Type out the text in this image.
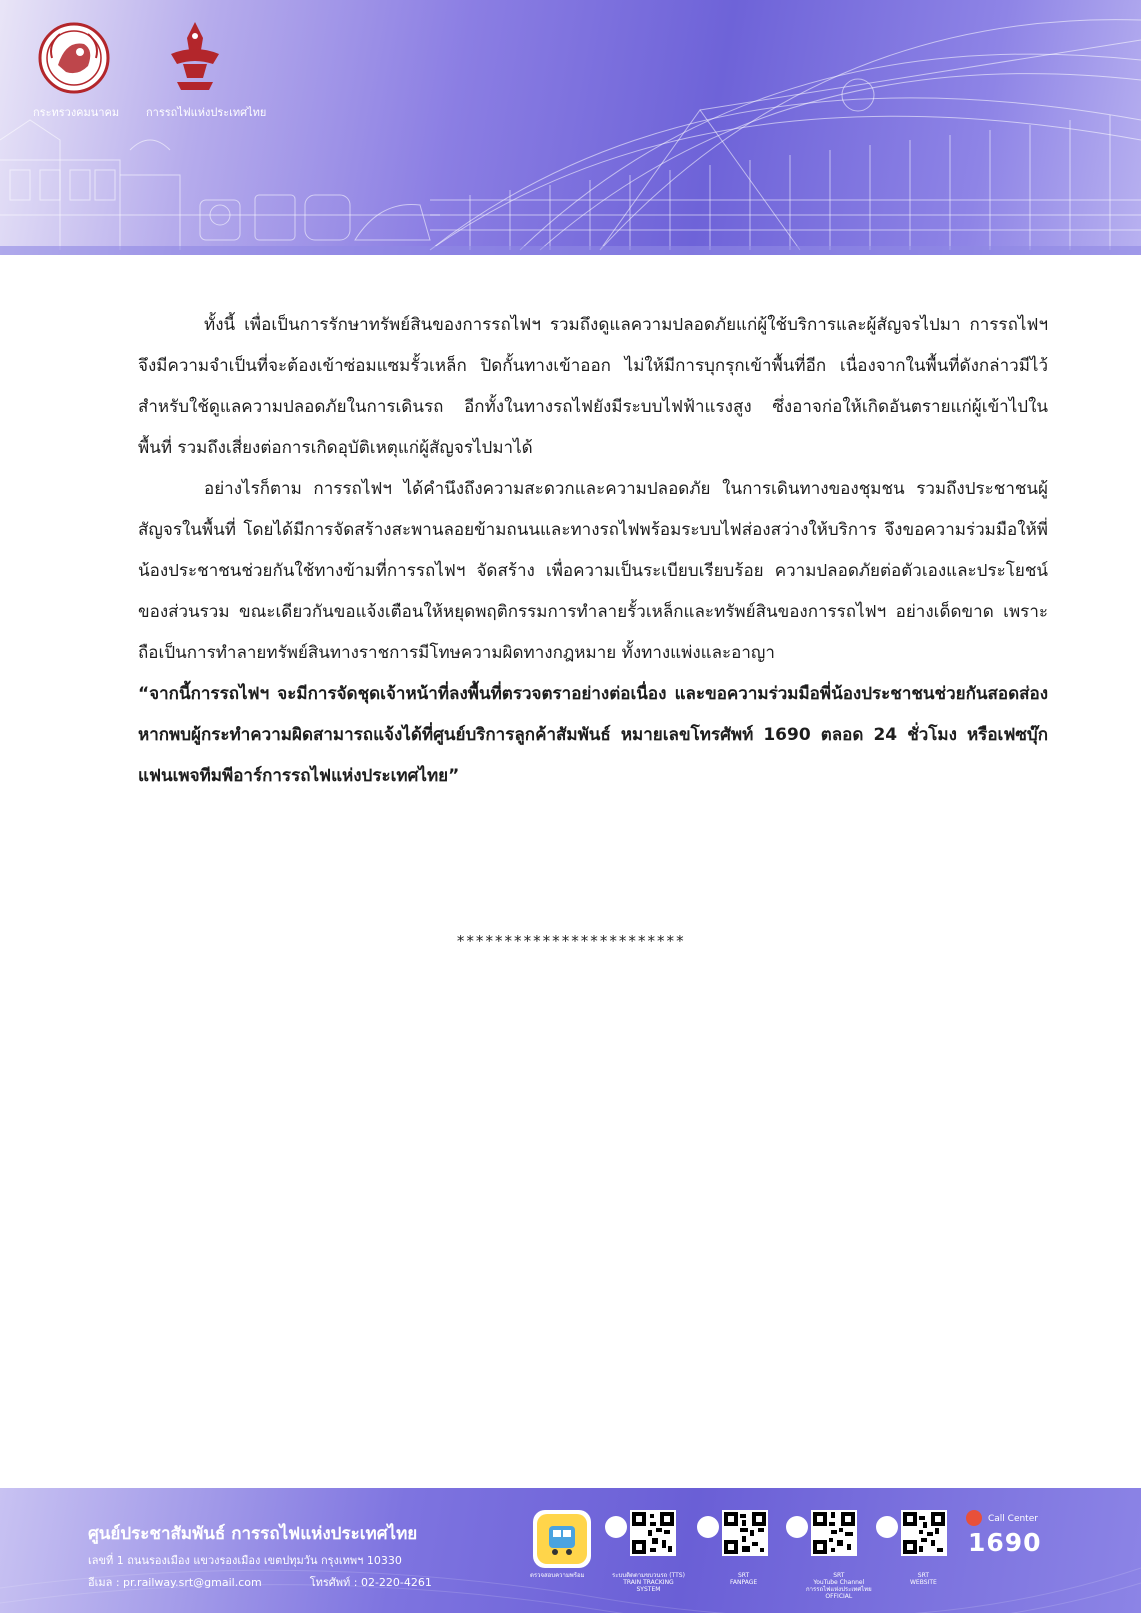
กระทรวงคมนาคม การรถไฟแห่งประเทศไทย

ทั้งนี้ เพื่อเป็นการรักษาทรัพย์สินของการรถไฟฯ รวมถึงดูแลความปลอดภัยแก่ผู้ใช้บริการและผู้สัญจรไปมา การรถไฟฯ จึงมีความจำเป็นที่จะต้องเข้าซ่อมแซมรั้วเหล็ก ปิดกั้นทางเข้าออก ไม่ให้มีการบุกรุกเข้าพื้นที่อีก เนื่องจากในพื้นที่ดังกล่าวมีไว้สำหรับใช้ดูแลความปลอดภัยในการเดินรถ อีกทั้งในทางรถไฟยังมีระบบไฟฟ้าแรงสูง ซึ่งอาจก่อให้เกิดอันตรายแก่ผู้เข้าไปในพื้นที่ รวมถึงเสี่ยงต่อการเกิดอุบัติเหตุแก่ผู้สัญจรไปมาได้

อย่างไรก็ตาม การรถไฟฯ ได้คำนึงถึงความสะดวกและความปลอดภัย ในการเดินทางของชุมชน รวมถึงประชาชนผู้สัญจรในพื้นที่ โดยได้มีการจัดสร้างสะพานลอยข้ามถนนและทางรถไฟพร้อมระบบไฟส่องสว่างให้บริการ จึงขอความร่วมมือให้พี่น้องประชาชนช่วยกันใช้ทางข้ามที่การรถไฟฯ จัดสร้าง เพื่อความเป็นระเบียบเรียบร้อย ความปลอดภัยต่อตัวเองและประโยชน์ของส่วนรวม ขณะเดียวกันขอแจ้งเตือนให้หยุดพฤติกรรมการทำลายรั้วเหล็กและทรัพย์สินของการรถไฟฯ อย่างเด็ดขาด เพราะถือเป็นการทำลายทรัพย์สินทางราชการมีโทษความผิดทางกฎหมาย ทั้งทางแพ่งและอาญา

“จากนี้การรถไฟฯ จะมีการจัดชุดเจ้าหน้าที่ลงพื้นที่ตรวจตราอย่างต่อเนื่อง และขอความร่วมมือพี่น้องประชาชนช่วยกันสอดส่อง หากพบผู้กระทำความผิดสามารถแจ้งได้ที่ศูนย์บริการลูกค้าสัมพันธ์ หมายเลขโทรศัพท์ 1690 ตลอด 24 ชั่วโมง หรือเฟซบุ๊ก แฟนเพจทีมพีอาร์การรถไฟแห่งประเทศไทย”

************************
ศูนย์ประชาสัมพันธ์ การรถไฟแห่งประเทศไทย
เลขที่ 1 ถนนรองเมือง แขวงรองเมือง เขตปทุมวัน กรุงเทพฯ 10330
อีเมล : pr.railway.srt@gmail.com	โทรศัพท์ : 02-220-4261
ตรวจสอบความพร้อม	ระบบติดตามขบวนรถ (TTS)
TRAIN TRACKING
SYSTEM
SRT
FANPAGE
SRT
YouTube Channel
การรถไฟแห่งประเทศไทย
OFFICIAL
SRT
WEBSITE
Call Center
1690
